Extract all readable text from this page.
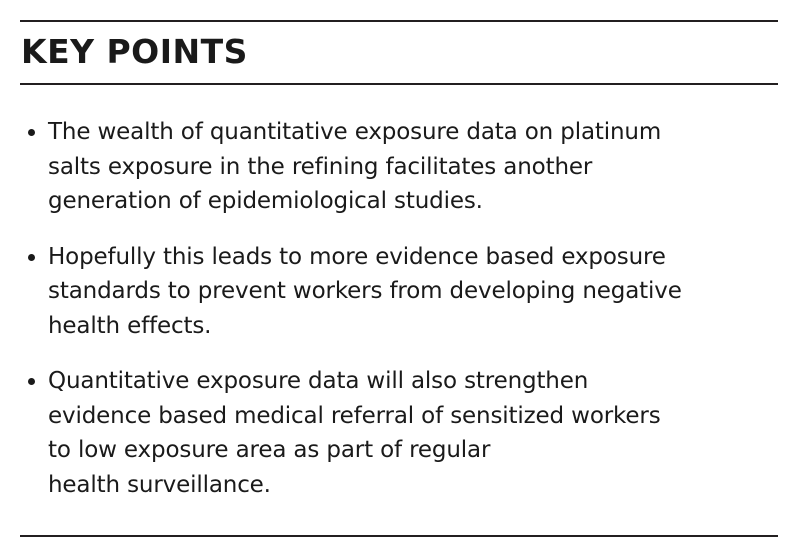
KEY POINTS
The wealth of quantitative exposure data on platinum
salts exposure in the refining facilitates another
generation of epidemiological studies.
Hopefully this leads to more evidence based exposure
standards to prevent workers from developing negative
health effects.
Quantitative exposure data will also strengthen
evidence based medical referral of sensitized workers
to low exposure area as part of regular
health surveillance.
